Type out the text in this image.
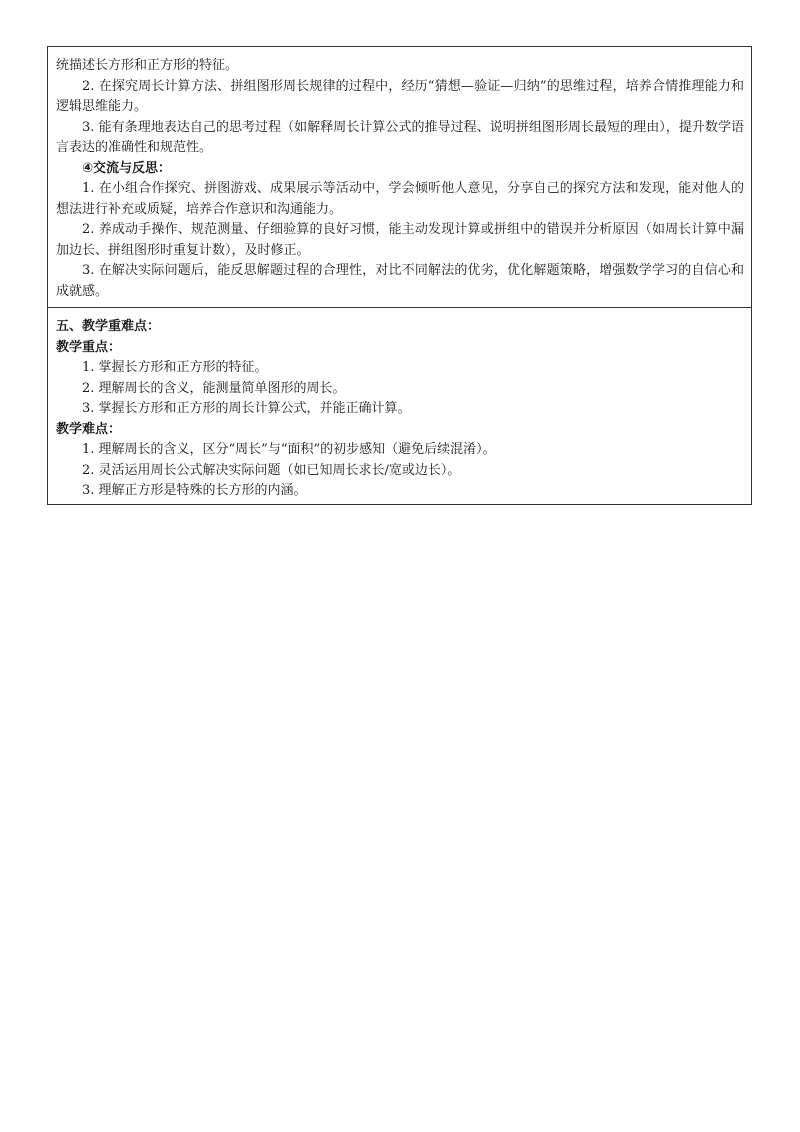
统描述长方形和正方形的特征。

2. 在探究周长计算方法、拼组图形周长规律的过程中，经历“猜想—验证—归纳”的思维过程，培养合情推理能力和逻辑思维能力。

3. 能有条理地表达自己的思考过程（如解释周长计算公式的推导过程、说明拼组图形周长最短的理由），提升数学语言表达的准确性和规范性。

④交流与反思：

1. 在小组合作探究、拼图游戏、成果展示等活动中，学会倾听他人意见，分享自己的探究方法和发现，能对他人的想法进行补充或质疑，培养合作意识和沟通能力。

2. 养成动手操作、规范测量、仔细验算的良好习惯，能主动发现计算或拼组中的错误并分析原因（如周长计算中漏加边长、拼组图形时重复计数），及时修正。

3. 在解决实际问题后，能反思解题过程的合理性，对比不同解法的优劣，优化解题策略，增强数学学习的自信心和成就感。

五、教学重难点：

教学重点：

1. 掌握长方形和正方形的特征。

2. 理解周长的含义，能测量简单图形的周长。

3. 掌握长方形和正方形的周长计算公式，并能正确计算。

教学难点：

1. 理解周长的含义，区分“周长”与“面积”的初步感知（避免后续混淆）。

2. 灵活运用周长公式解决实际问题（如已知周长求长/宽或边长）。

3. 理解正方形是特殊的长方形的内涵。
